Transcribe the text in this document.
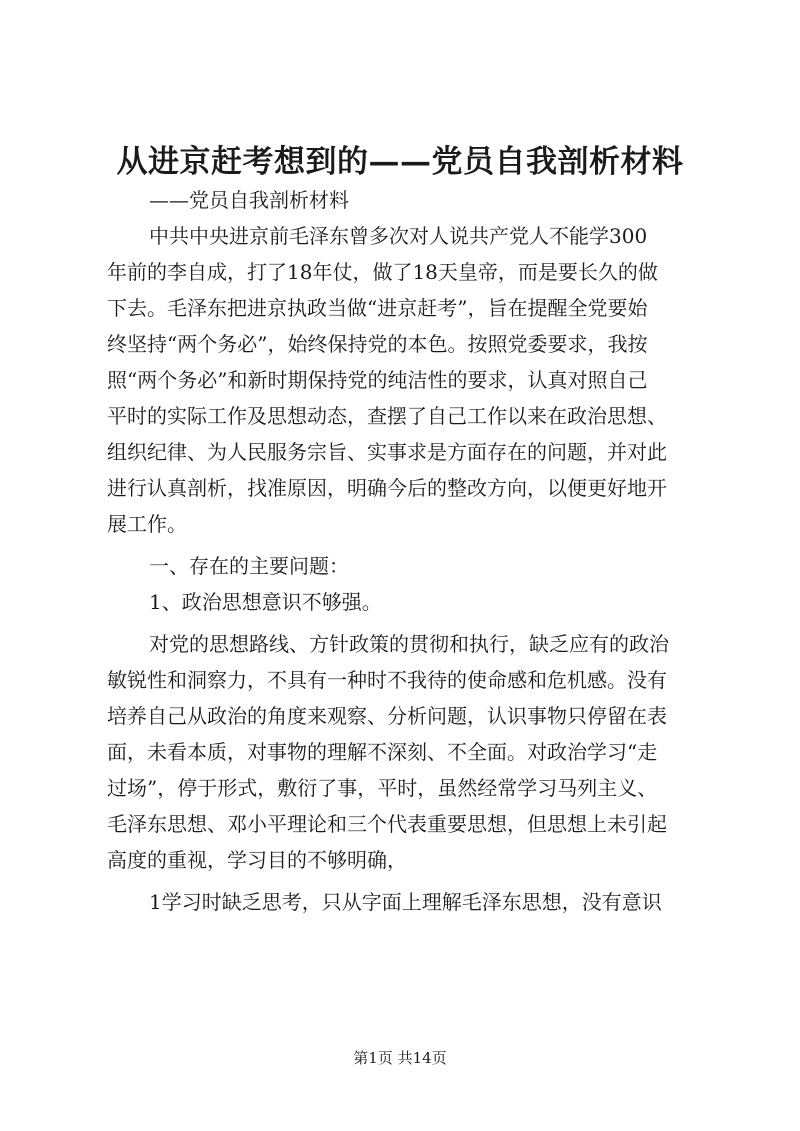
从进京赶考想到的——党员自我剖析材料
——党员自我剖析材料
中共中央进京前毛泽东曾多次对人说共产党人不能学300
年前的李自成，打了18年仗，做了18天皇帝，而是要长久的做
下去。毛泽东把进京执政当做“进京赶考”，旨在提醒全党要始
终坚持“两个务必”，始终保持党的本色。按照党委要求，我按
照“两个务必”和新时期保持党的纯洁性的要求，认真对照自己
平时的实际工作及思想动态，查摆了自己工作以来在政治思想、
组织纪律、为人民服务宗旨、实事求是方面存在的问题，并对此
进行认真剖析，找准原因，明确今后的整改方向，以便更好地开
展工作。
一、存在的主要问题：
1、政治思想意识不够强。
对党的思想路线、方针政策的贯彻和执行，缺乏应有的政治
敏锐性和洞察力，不具有一种时不我待的使命感和危机感。没有
培养自己从政治的角度来观察、分析问题，认识事物只停留在表
面，未看本质，对事物的理解不深刻、不全面。对政治学习“走
过场”，停于形式，敷衍了事，平时，虽然经常学习马列主义、
毛泽东思想、邓小平理论和三个代表重要思想，但思想上未引起
高度的重视，学习目的不够明确，
1学习时缺乏思考，只从字面上理解毛泽东思想，没有意识
第1页 共14页
